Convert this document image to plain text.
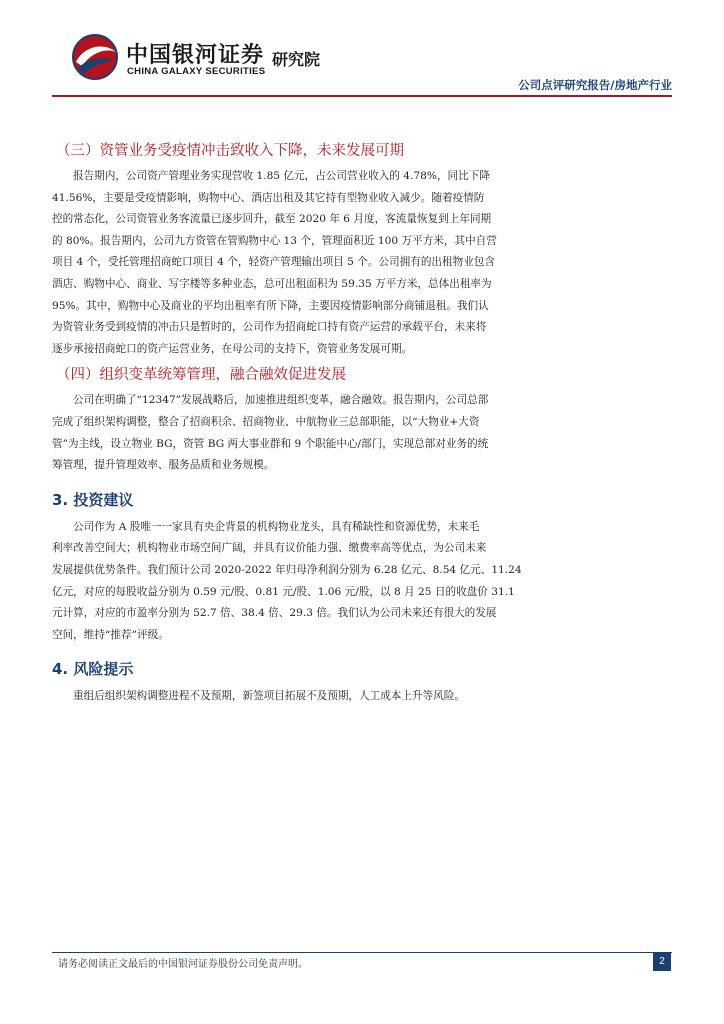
中国银河证券
CHINA GALAXY SECURITIES
研究院
公司点评研究报告/房地产行业
（三）资管业务受疫情冲击致收入下降，未来发展可期

报告期内，公司资产管理业务实现营收 1.85 亿元，占公司营业收入的 4.78%，同比下降
41.56%，主要是受疫情影响，购物中心、酒店出租及其它持有型物业收入减少。随着疫情防
控的常态化，公司资管业务客流量已逐步回升，截至 2020 年 6 月度，客流量恢复到上年同期
的 80%。报告期内，公司九方资管在管购物中心 13 个，管理面积近 100 万平方米，其中自营
项目 4 个，受托管理招商蛇口项目 4 个，轻资产管理输出项目 5 个。公司拥有的出租物业包含
酒店、购物中心、商业、写字楼等多种业态，总可出租面积为 59.35 万平方米，总体出租率为
95%。其中，购物中心及商业的平均出租率有所下降，主要因疫情影响部分商铺退租。我们认
为资管业务受到疫情的冲击只是暂时的，公司作为招商蛇口持有资产运营的承载平台，未来将
逐步承接招商蛇口的资产运营业务，在母公司的支持下，资管业务发展可期。

（四）组织变革统筹管理，融合融效促进发展

公司在明确了“12347”发展战略后，加速推进组织变革，融合融效。报告期内，公司总部
完成了组织架构调整，整合了招商积余、招商物业、中航物业三总部职能，以“大物业+大资
管”为主线，设立物业 BG，资管 BG 两大事业群和 9 个职能中心/部门，实现总部对业务的统
筹管理，提升管理效率、服务品质和业务规模。

3. 投资建议

公司作为 A 股唯一一家具有央企背景的机构物业龙头，具有稀缺性和资源优势，未来毛
利率改善空间大；机构物业市场空间广阔，并具有议价能力强、缴费率高等优点，为公司未来
发展提供优势条件。我们预计公司 2020-2022 年归母净利润分别为 6.28 亿元、8.54 亿元、11.24
亿元，对应的每股收益分别为 0.59 元/股、0.81 元/股、1.06 元/股，以 8 月 25 日的收盘价 31.1
元计算，对应的市盈率分别为 52.7 倍、38.4 倍、29.3 倍。我们认为公司未来还有很大的发展
空间，维持“推荐”评级。

4. 风险提示

重组后组织架构调整进程不及预期，新签项目拓展不及预期，人工成本上升等风险。

请务必阅读正文最后的中国银河证券股份公司免责声明。	2
